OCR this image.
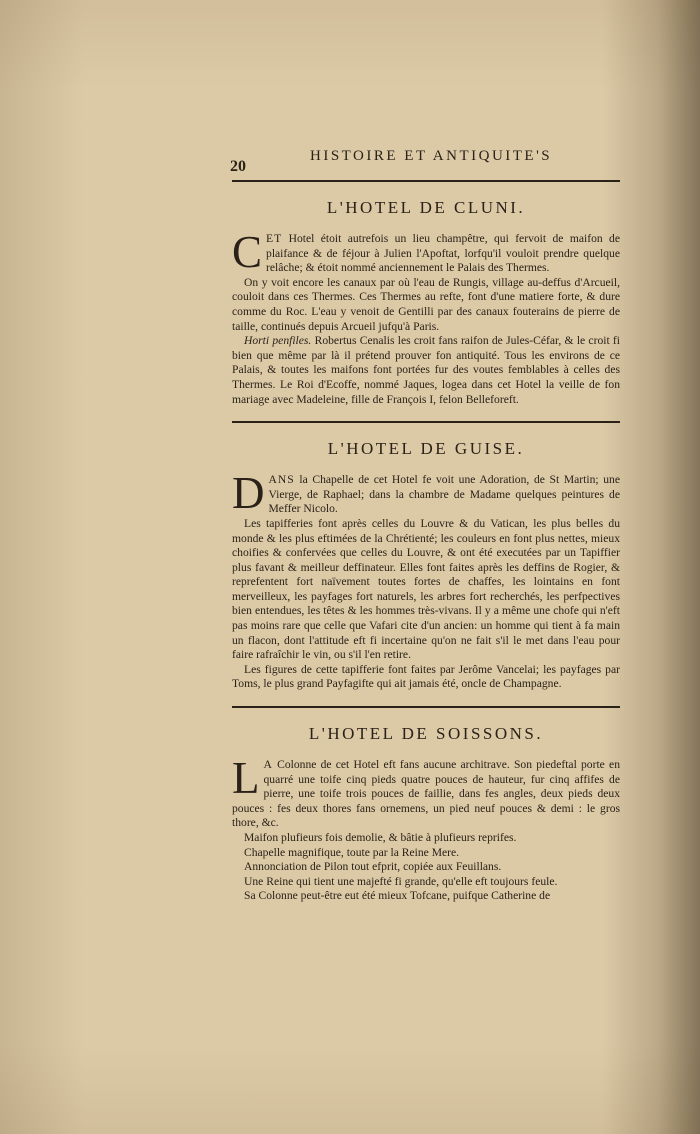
20
HISTOIRE ET ANTIQUITE'S
L'HOTEL DE CLUNI.

CET Hotel étoit autrefois un lieu champêtre, qui fervoit de maifon de plaifance & de féjour à Julien l'Apoftat, lorfqu'il vouloit prendre quelque relâche; & étoit nommé anciennement le Palais des Thermes.

On y voit encore les canaux par où l'eau de Rungis, village au-deffus d'Arcueil, couloit dans ces Thermes. Ces Thermes au refte, font d'une matiere forte, & dure comme du Roc. L'eau y venoit de Gentilli par des canaux fouterains de pierre de taille, continués depuis Arcueil jufqu'à Paris.

Horti penfiles. Robertus Cenalis les croit fans raifon de Jules-Céfar, & le croit fi bien que même par là il prétend prouver fon antiquité. Tous les environs de ce Palais, & toutes les maifons font portées fur des voutes femblables à celles des Thermes. Le Roi d'Ecoffe, nommé Jaques, logea dans cet Hotel la veille de fon mariage avec Madeleine, fille de François I, felon Belleforeft.

L'HOTEL DE GUISE.

DANS la Chapelle de cet Hotel fe voit une Adoration, de St Martin; une Vierge, de Raphael; dans la chambre de Madame quelques peintures de Meffer Nicolo.

Les tapifferies font après celles du Louvre & du Vatican, les plus belles du monde & les plus eftimées de la Chrétienté; les couleurs en font plus nettes, mieux choifies & confervées que celles du Louvre, & ont été executées par un Tapiffier plus favant & meilleur deffinateur. Elles font faites après les deffins de Rogier, & reprefentent fort naïvement toutes fortes de chaffes, les lointains en font merveilleux, les payfages fort naturels, les arbres fort recherchés, les perfpectives bien entendues, les têtes & les hommes très-vivans. Il y a même une chofe qui n'eft pas moins rare que celle que Vafari cite d'un ancien: un homme qui tient à fa main un flacon, dont l'attitude eft fi incertaine qu'on ne fait s'il le met dans l'eau pour faire rafraîchir le vin, ou s'il l'en retire.

Les figures de cette tapifferie font faites par Jerôme Vancelai; les payfages par Toms, le plus grand Payfagifte qui ait jamais été, oncle de Champagne.

L'HOTEL DE SOISSONS.

L A Colonne de cet Hotel eft fans aucune architrave. Son piedeftal porte en quarré une toife cinq pieds quatre pouces de hauteur, fur cinq affifes de pierre, une toife trois pouces de faillie, dans fes angles, deux pieds deux pouces : fes deux thores fans ornemens, un pied neuf pouces & demi : le gros thore, &c.

Maifon plufieurs fois demolie, & bâtie à plufieurs reprifes.

Chapelle magnifique, toute par la Reine Mere.

Annonciation de Pilon tout efprit, copiée aux Feuillans.

Une Reine qui tient une majefté fi grande, qu'elle eft toujours feule.

Sa Colonne peut-être eut été mieux Tofcane, puifque Catherine de
